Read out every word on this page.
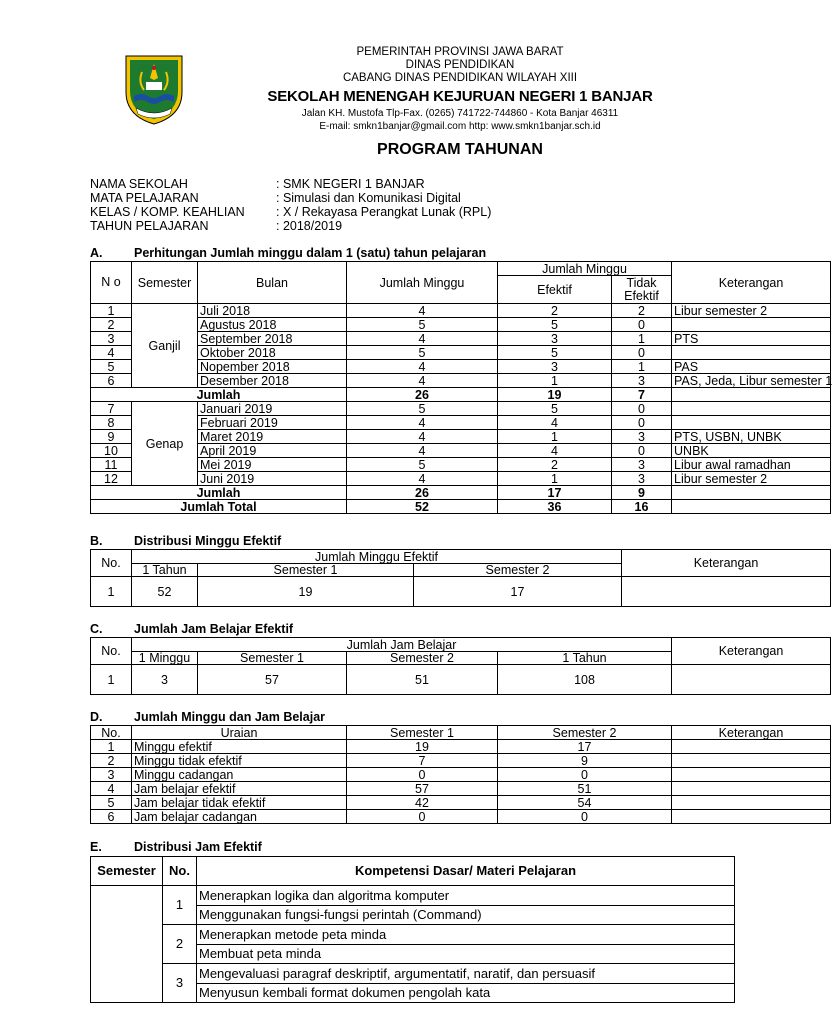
PEMERINTAH PROVINSI JAWA BARAT
DINAS PENDIDIKAN
CABANG DINAS PENDIDIKAN WILAYAH XIII
SEKOLAH MENENGAH KEJURUAN NEGERI 1 BANJAR
Jalan KH. Mustofa Tlp-Fax. (0265) 741722-744860 - Kota Banjar 46311
E-mail: smkn1banjar@gmail.com http: www.smkn1banjar.sch.id
PROGRAM TAHUNAN
NAMA SEKOLAH	: SMK NEGERI 1 BANJAR
MATA PELAJARAN	: Simulasi dan Komunikasi Digital
KELAS / KOMP. KEAHLIAN	: X / Rekayasa Perangkat Lunak (RPL)
TAHUN PELAJARAN	: 2018/2019
A.	Perhitungan Jumlah minggu dalam 1 (satu) tahun pelajaran
N o	Semester	Bulan	Jumlah Minggu	Jumlah Minggu		Keterangan
				Efektif	Tidak Efektif	
1	Ganjil	Juli 2018	4	2	2	Libur semester 2
2		Agustus 2018	5	5	0	
3		September 2018	4	3	1	PTS
4		Oktober 2018	5	5	0	
5		Nopember 2018	4	3	1	PAS
6		Desember 2018	4	1	3	PAS, Jeda, Libur semester 1
Jumlah			26	19	7	
7	Genap	Januari 2019	5	5	0	
8		Februari 2019	4	4	0	
9		Maret 2019	4	1	3	PTS, USBN, UNBK
10		April 2019	4	4	0	UNBK
11		Mei 2019	5	2	3	Libur awal ramadhan
12		Juni 2019	4	1	3	Libur semester 2
Jumlah			26	17	9	
Jumlah Total			52	36	16	
B.	Distribusi Minggu Efektif
No.	Jumlah Minggu Efektif			Keterangan
	1 Tahun	Semester 1	Semester 2	
1	52	19	17	
C.	Jumlah Jam Belajar Efektif
No.	Jumlah Jam Belajar				Keterangan
	1 Minggu	Semester 1	Semester 2	1 Tahun	
1	3	57	51	108	
D.	Jumlah Minggu dan Jam Belajar
No.	Uraian	Semester 1	Semester 2	Keterangan
1	Minggu efektif	19	17	
2	Minggu tidak efektif	7	9	
3	Minggu cadangan	0	0	
4	Jam belajar efektif	57	51	
5	Jam belajar tidak efektif	42	54	
6	Jam belajar cadangan	0	0	
E.	Distribusi Jam Efektif
Semester	No.	Kompetensi Dasar/ Materi Pelajaran
	1	Menerapkan logika dan algoritma komputer
		Menggunakan fungsi-fungsi perintah (Command)
	2	Menerapkan metode peta minda
		Membuat peta minda
	3	Mengevaluasi paragraf deskriptif, argumentatif, naratif, dan persuasif
		Menyusun kembali format dokumen pengolah kata
